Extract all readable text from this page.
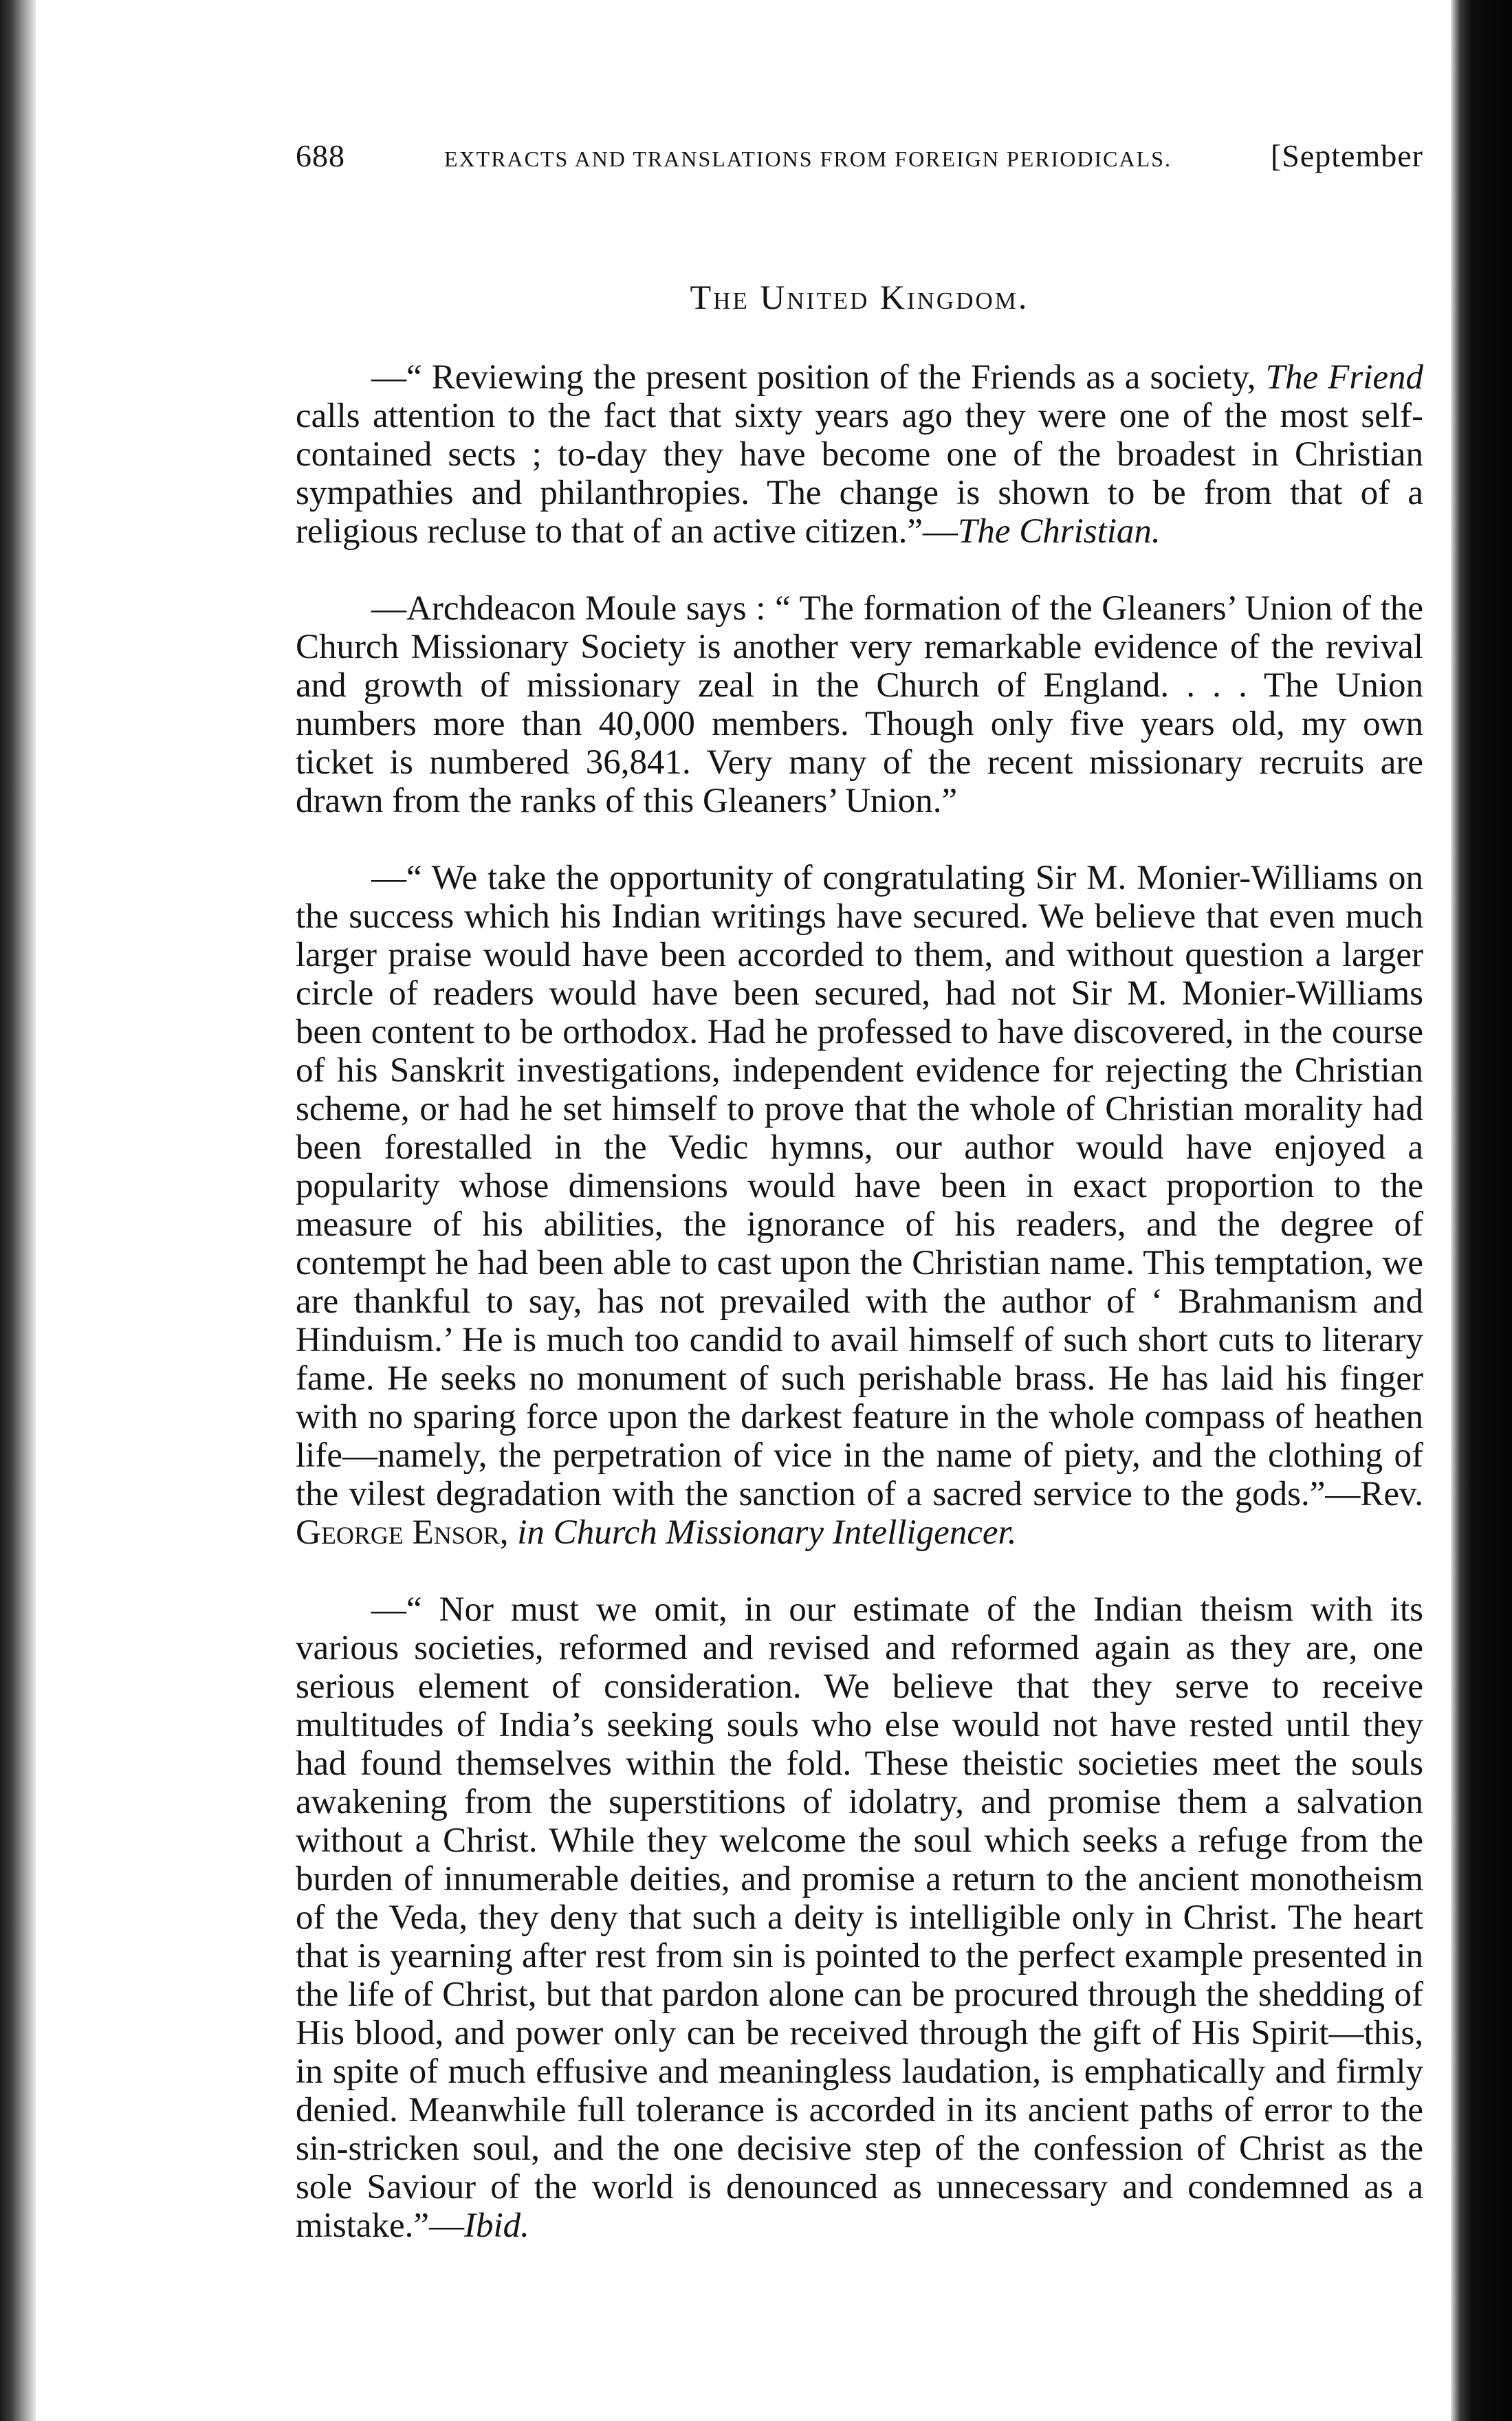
688	EXTRACTS AND TRANSLATIONS FROM FOREIGN PERIODICALS.	[September
The United Kingdom.

—“ Reviewing the present position of the Friends as a society, The Friend calls attention to the fact that sixty years ago they were one of the most self-contained sects ; to-day they have become one of the broadest in Christian sympathies and philanthropies. The change is shown to be from that of a religious recluse to that of an active citizen.”—The Christian.

—Archdeacon Moule says : “ The formation of the Gleaners’ Union of the Church Missionary Society is another very remarkable evidence of the revival and growth of missionary zeal in the Church of England. . . . The Union numbers more than 40,000 members. Though only five years old, my own ticket is numbered 36,841. Very many of the recent missionary recruits are drawn from the ranks of this Gleaners’ Union.”

—“ We take the opportunity of congratulating Sir M. Monier-Williams on the success which his Indian writings have secured. We believe that even much larger praise would have been accorded to them, and without question a larger circle of readers would have been secured, had not Sir M. Monier-Williams been content to be orthodox. Had he professed to have discovered, in the course of his Sanskrit investigations, independent evidence for rejecting the Christian scheme, or had he set himself to prove that the whole of Christian morality had been forestalled in the Vedic hymns, our author would have enjoyed a popularity whose dimensions would have been in exact proportion to the measure of his abilities, the ignorance of his readers, and the degree of contempt he had been able to cast upon the Christian name. This temptation, we are thankful to say, has not prevailed with the author of ‘ Brahmanism and Hinduism.’ He is much too candid to avail himself of such short cuts to literary fame. He seeks no monument of such perishable brass. He has laid his finger with no sparing force upon the darkest feature in the whole compass of heathen life—namely, the perpetration of vice in the name of piety, and the clothing of the vilest degradation with the sanction of a sacred service to the gods.”—Rev. George Ensor, in Church Missionary Intelligencer.

—“ Nor must we omit, in our estimate of the Indian theism with its various societies, reformed and revised and reformed again as they are, one serious element of consideration. We believe that they serve to receive multitudes of India’s seeking souls who else would not have rested until they had found themselves within the fold. These theistic societies meet the souls awakening from the superstitions of idolatry, and promise them a salvation without a Christ. While they welcome the soul which seeks a refuge from the burden of innumerable deities, and promise a return to the ancient monotheism of the Veda, they deny that such a deity is intelligible only in Christ. The heart that is yearning after rest from sin is pointed to the perfect example presented in the life of Christ, but that pardon alone can be procured through the shedding of His blood, and power only can be received through the gift of His Spirit—this, in spite of much effusive and meaningless laudation, is emphatically and firmly denied. Meanwhile full tolerance is accorded in its ancient paths of error to the sin-stricken soul, and the one decisive step of the confession of Christ as the sole Saviour of the world is denounced as unnecessary and condemned as a mistake.”—Ibid.
